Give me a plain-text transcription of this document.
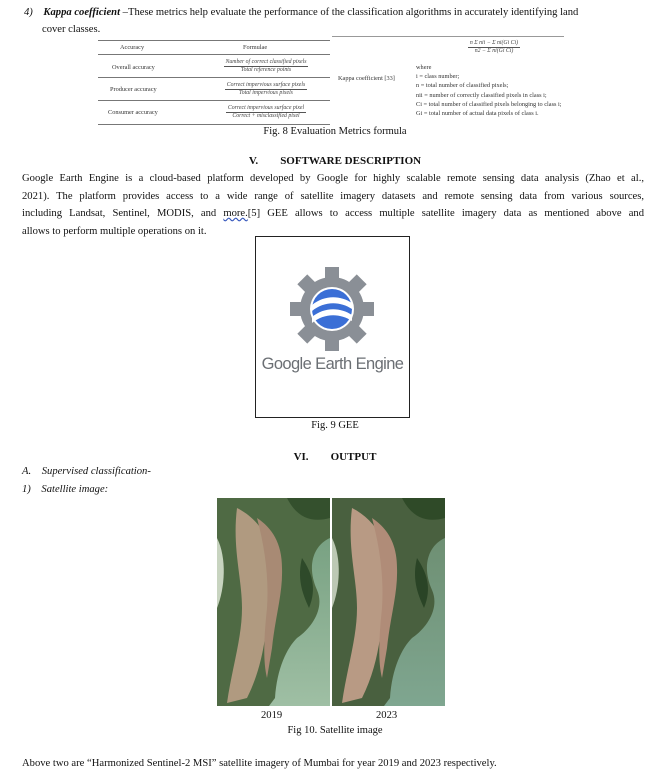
4) Kappa coefficient –These metrics help evaluate the performance of the classification algorithms in accurately identifying land
cover classes.
Accuracy	Formulae
Overall accuracy
Number of correct classified pixels
Total reference points
Producer accuracy
Correct impervious surface pixels
Total impervious pixels
Consumer accuracy
Correct impervious surface pixel
Correct + misclassified pixel
n Σ nii − Σ ni(Gi Ci)
n2 − Σ ni(Gi Ci)
Kappa coefficient [33]
where
i = class number;
n = total number of classified pixels;
nii = number of correctly classified pixels in class i;
Ci = total number of classified pixels belonging to class i;
Gi = total number of actual data pixels of class i.
Fig. 8 Evaluation Metrics formula
V. SOFTWARE DESCRIPTION
Google Earth Engine is a cloud-based platform developed by Google for highly scalable remote sensing data analysis (Zhao et al.,
2021). The platform provides access to a wide range of satellite imagery datasets and remote sensing data from various sources,
including Landsat, Sentinel, MODIS, and more.[5] GEE allows to access multiple satellite imagery data as mentioned above and
allows to perform multiple operations on it.
Google Earth Engine
Fig. 9 GEE
VI. OUTPUT
A. Supervised classification-
1) Satellite image:
2019	2023
Fig 10. Satellite image
Above two are “Harmonized Sentinel-2 MSI” satellite imagery of Mumbai for year 2019 and 2023 respectively.
